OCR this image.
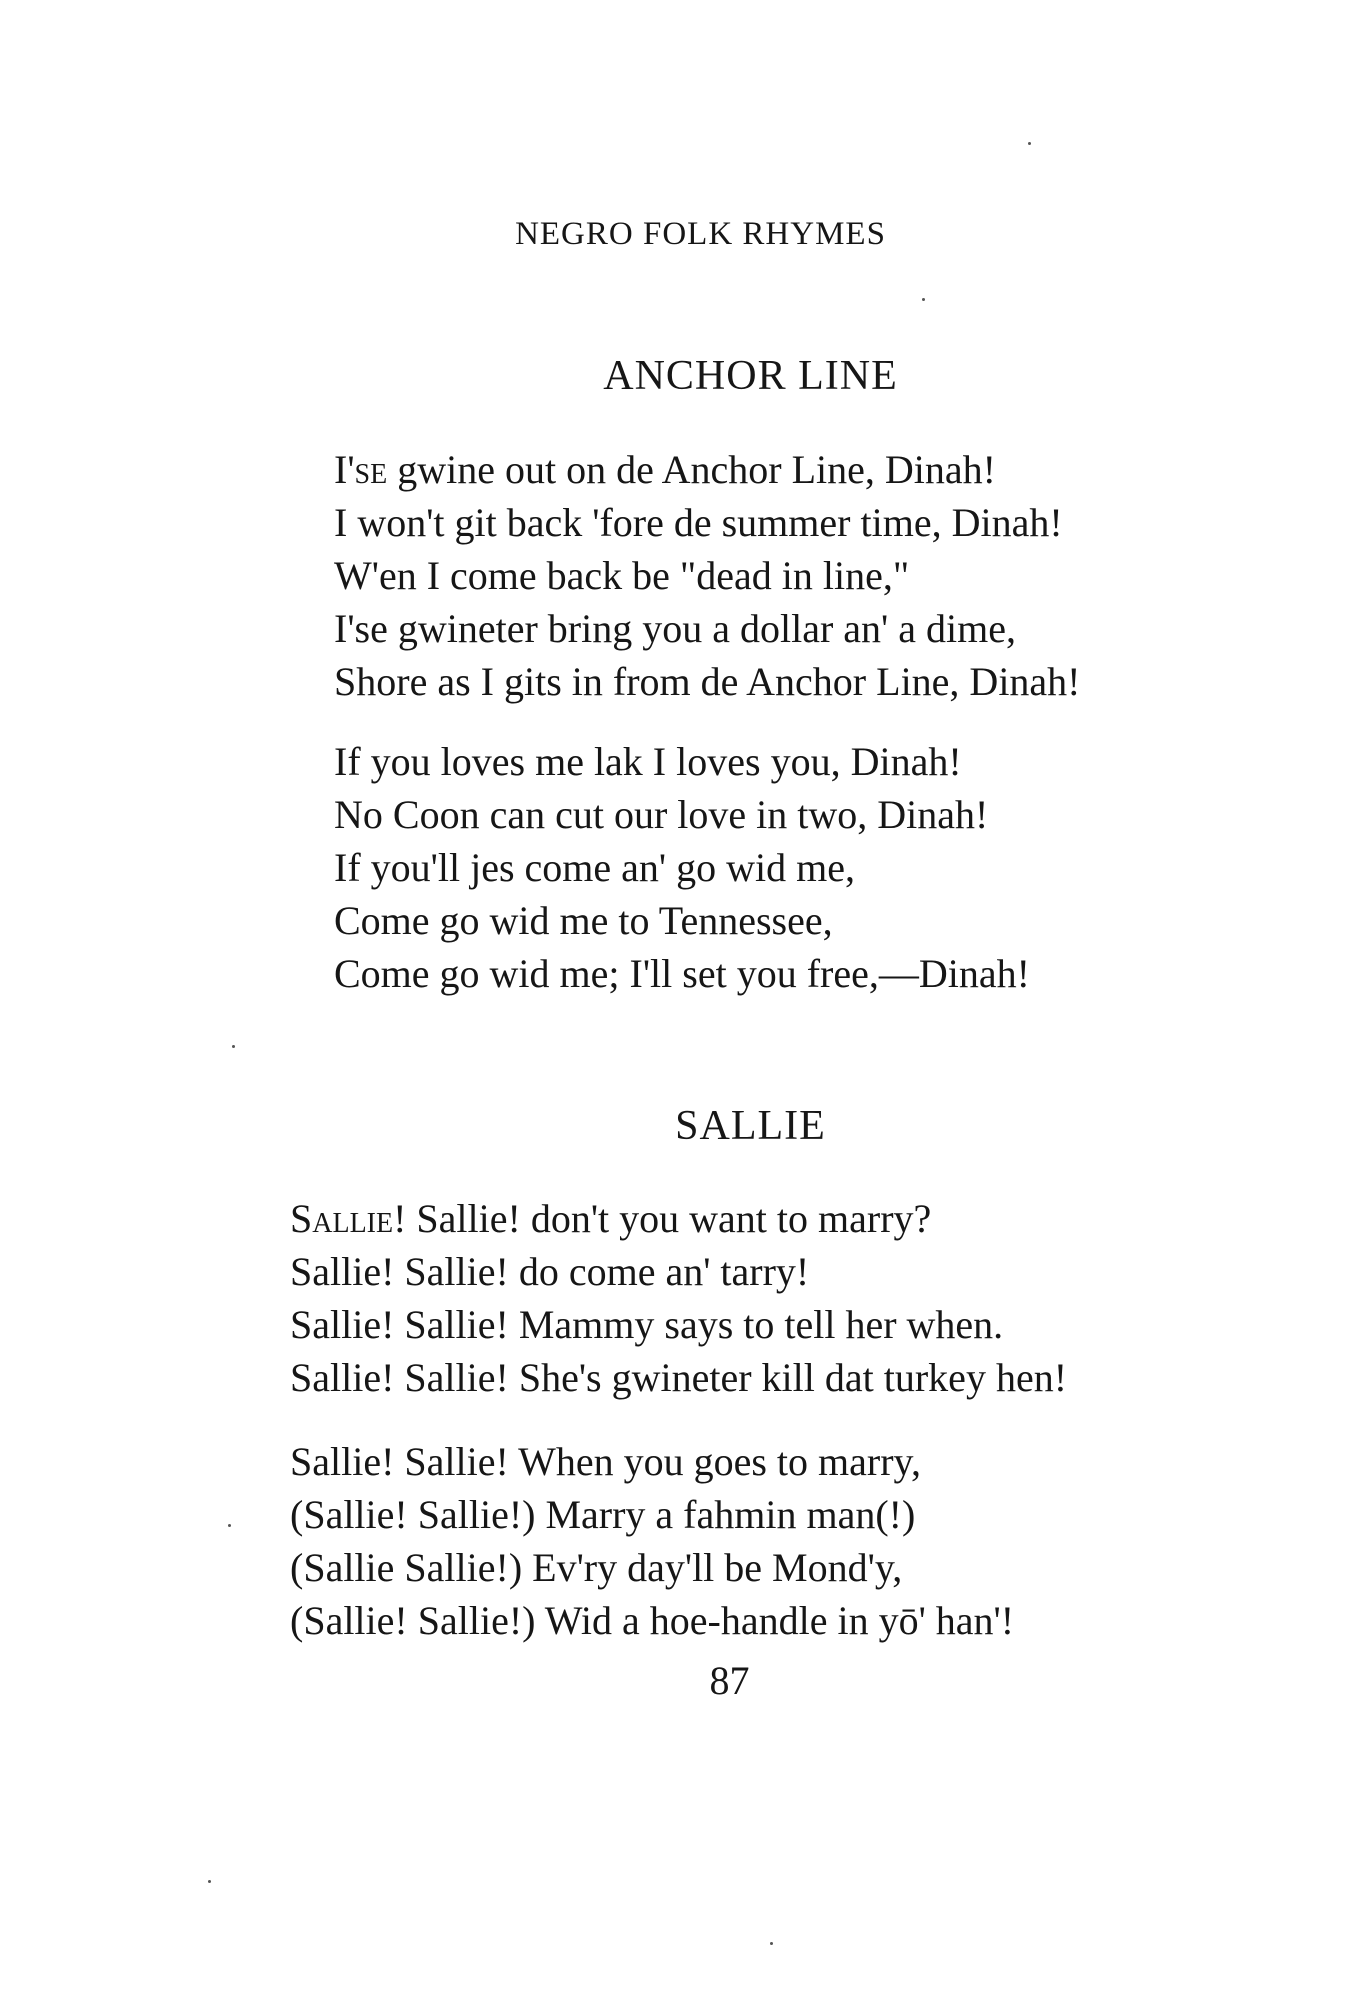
NEGRO FOLK RHYMES
ANCHOR LINE
I'se gwine out on de Anchor Line, Dinah!
I won't git back 'fore de summer time, Dinah!
W'en I come back be "dead in line,"
I'se gwineter bring you a dollar an' a dime,
Shore as I gits in from de Anchor Line, Dinah!
If you loves me lak I loves you, Dinah!
No Coon can cut our love in two, Dinah!
If you'll jes come an' go wid me,
Come go wid me to Tennessee,
Come go wid me; I'll set you free,—Dinah!
SALLIE
Sallie! Sallie! don't you want to marry?
Sallie! Sallie! do come an' tarry!
Sallie! Sallie! Mammy says to tell her when.
Sallie! Sallie! She's gwineter kill dat turkey hen!
Sallie! Sallie! When you goes to marry,
(Sallie! Sallie!) Marry a fahmin man(!)
(Sallie Sallie!) Ev'ry day'll be Mond'y,
(Sallie! Sallie!) Wid a hoe-handle in yō' han'!
87
